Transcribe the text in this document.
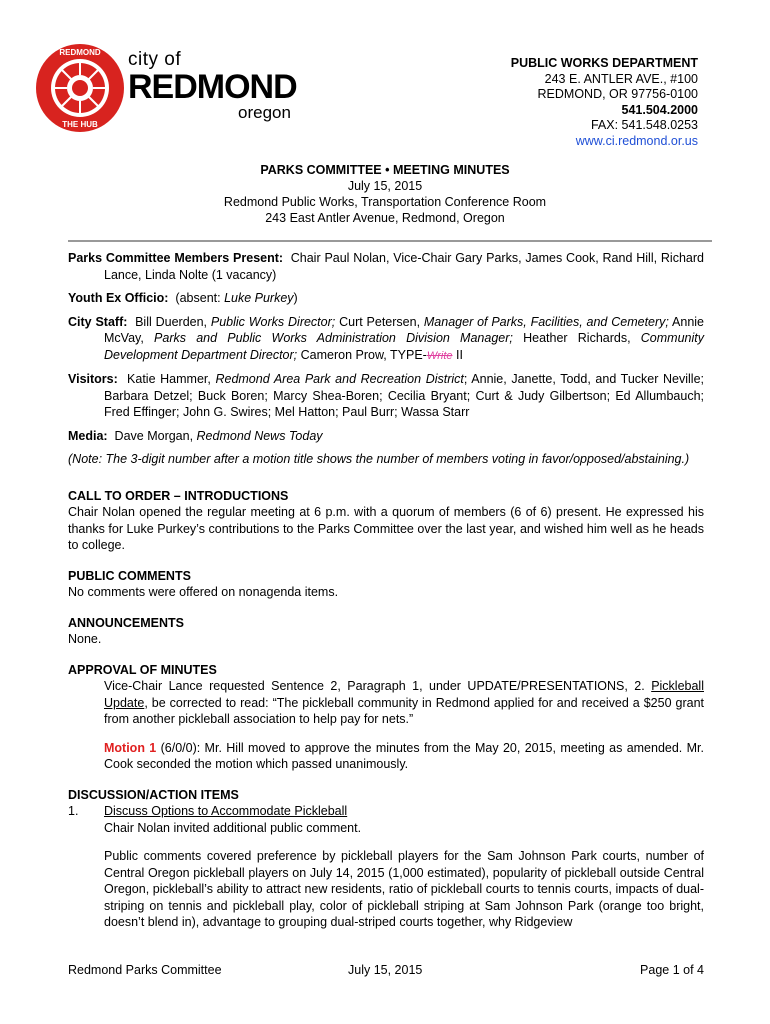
REDMOND
THE HUB
city of
REDMOND
oregon
PUBLIC WORKS DEPARTMENT
243 E. ANTLER AVE., #100
REDMOND, OR 97756-0100
541.504.2000
FAX: 541.548.0253
www.ci.redmond.or.us
PARKS COMMITTEE • MEETING MINUTES
July 15, 2015
Redmond Public Works, Transportation Conference Room
243 East Antler Avenue, Redmond, Oregon

Parks Committee Members Present: Chair Paul Nolan, Vice-Chair Gary Parks, James Cook, Rand Hill, Richard Lance, Linda Nolte (1 vacancy)

Youth Ex Officio: (absent: Luke Purkey)

City Staff: Bill Duerden, Public Works Director; Curt Petersen, Manager of Parks, Facilities, and Cemetery; Annie McVay, Parks and Public Works Administration Division Manager; Heather Richards, Community Development Department Director; Cameron Prow, TYPE-Write II

Visitors: Katie Hammer, Redmond Area Park and Recreation District; Annie, Janette, Todd, and Tucker Neville; Barbara Detzel; Buck Boren; Marcy Shea-Boren; Cecilia Bryant; Curt & Judy Gilbertson; Ed Allumbauch; Fred Effinger; John G. Swires; Mel Hatton; Paul Burr; Wassa Starr

Media: Dave Morgan, Redmond News Today

(Note: The 3-digit number after a motion title shows the number of members voting in favor/opposed/abstaining.)

CALL TO ORDER – INTRODUCTIONS
Chair Nolan opened the regular meeting at 6 p.m. with a quorum of members (6 of 6) present. He expressed his thanks for Luke Purkey’s contributions to the Parks Committee over the last year, and wished him well as he heads to college.
PUBLIC COMMENTS
No comments were offered on nonagenda items.
ANNOUNCEMENTS
None.
APPROVAL OF MINUTES
Vice-Chair Lance requested Sentence 2, Paragraph 1, under UPDATE/PRESENTATIONS, 2. Pickleball Update, be corrected to read: “The pickleball community in Redmond applied for and received a $250 grant from another pickleball association to help pay for nets.”
Motion 1 (6/0/0): Mr. Hill moved to approve the minutes from the May 20, 2015, meeting as amended. Mr. Cook seconded the motion which passed unanimously.
DISCUSSION/ACTION ITEMS
1.	Discuss Options to Accommodate Pickleball
Chair Nolan invited additional public comment.
Public comments covered preference by pickleball players for the Sam Johnson Park courts, number of Central Oregon pickleball players on July 14, 2015 (1,000 estimated), popularity of pickleball outside Central Oregon, pickleball’s ability to attract new residents, ratio of pickleball courts to tennis courts, impacts of dual-striping on tennis and pickleball play, color of pickleball striping at Sam Johnson Park (orange too bright, doesn’t blend in), advantage to grouping dual-striped courts together, why Ridgeview
Redmond Parks Committee	July 15, 2015	Page 1 of 4
